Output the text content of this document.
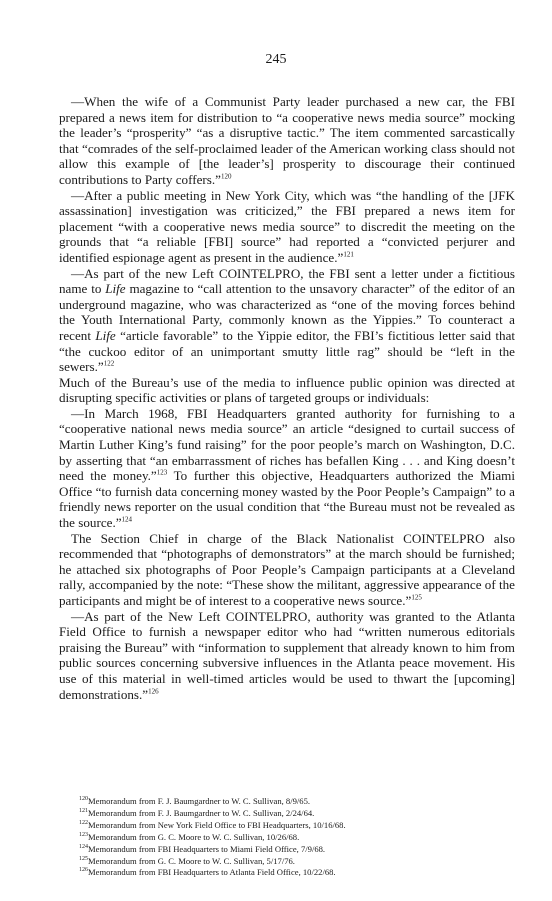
245

—When the wife of a Communist Party leader purchased a new car, the FBI prepared a news item for distribution to “a cooperative news media source” mocking the leader’s “prosperity” “as a disruptive tactic.” The item commented sarcastically that “comrades of the self-proclaimed leader of the American working class should not allow this example of [the leader’s] prosperity to discourage their continued contributions to Party coffers.”$^{120}$

—After a public meeting in New York City, which was “the handling of the [JFK assassination] investigation was criticized,” the FBI prepared a news item for placement “with a cooperative news media source” to discredit the meeting on the grounds that “a reliable [FBI] source” had reported a “convicted perjurer and identified espionage agent as present in the audience.”$^{121}$

—As part of the new Left COINTELPRO, the FBI sent a letter under a fictitious name to Life magazine to “call attention to the unsavory character” of the editor of an underground magazine, who was characterized as “one of the moving forces behind the Youth International Party, commonly known as the Yippies.” To counteract a recent Life “article favorable” to the Yippie editor, the FBI’s fictitious letter said that “the cuckoo editor of an unimportant smutty little rag” should be “left in the sewers.”$^{122}$

Much of the Bureau’s use of the media to influence public opinion was directed at disrupting specific activities or plans of targeted groups or individuals:

—In March 1968, FBI Headquarters granted authority for furnishing to a “cooperative national news media source” an article “designed to curtail success of Martin Luther King’s fund raising” for the poor people’s march on Washington, D.C. by asserting that “an embarrassment of riches has befallen King . . . and King doesn’t need the money.”$^{123}$ To further this objective, Headquarters authorized the Miami Office “to furnish data concerning money wasted by the Poor People’s Campaign” to a friendly news reporter on the usual condition that “the Bureau must not be revealed as the source.”$^{124}$

The Section Chief in charge of the Black Nationalist COINTELPRO also recommended that “photographs of demonstrators” at the march should be furnished; he attached six photographs of Poor People’s Campaign participants at a Cleveland rally, accompanied by the note: “These show the militant, aggressive appearance of the participants and might be of interest to a cooperative news source.”$^{125}$

—As part of the New Left COINTELPRO, authority was granted to the Atlanta Field Office to furnish a newspaper editor who had “written numerous editorials praising the Bureau” with “information to supplement that already known to him from public sources concerning subversive influences in the Atlanta peace movement. His use of this material in well-timed articles would be used to thwart the [upcoming] demonstrations.”$^{126}$

$^{120}$Memorandum from F. J. Baumgardner to W. C. Sullivan, 8/9/65.
$^{121}$Memorandum from F. J. Baumgardner to W. C. Sullivan, 2/24/64.
$^{122}$Memorandum from New York Field Office to FBI Headquarters, 10/16/68.
$^{123}$Memorandum from G. C. Moore to W. C. Sullivan, 10/26/68.
$^{124}$Memorandum from FBI Headquarters to Miami Field Office, 7/9/68.
$^{125}$Memorandum from G. C. Moore to W. C. Sullivan, 5/17/76.
$^{126}$Memorandum from FBI Headquarters to Atlanta Field Office, 10/22/68.
